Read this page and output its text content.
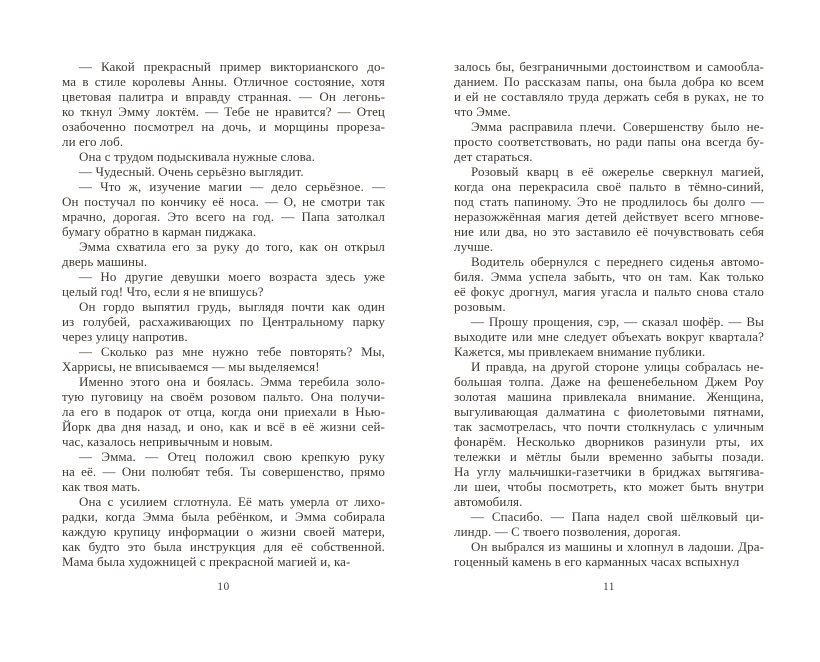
— Какой прекрасный пример викторианского до-
ма в стиле королевы Анны. Отличное состояние, хотя
цветовая палитра и вправду странная. — Он легонь-
ко ткнул Эмму локтём. — Тебе не нравится? — Отец
озабоченно посмотрел на дочь, и морщины прореза-
ли его лоб.
Она с трудом подыскивала нужные слова.
— Чудесный. Очень серьёзно выглядит.
— Что ж, изучение магии — дело серьёзное. —
Он постучал по кончику её носа. — О, не смотри так
мрачно, дорогая. Это всего на год. — Папа затолкал
бумагу обратно в карман пиджака.
Эмма схватила его за руку до того, как он открыл
дверь машины.
— Но другие девушки моего возраста здесь уже
целый год! Что, если я не впишусь?
Он гордо выпятил грудь, выглядя почти как один
из голубей, расхаживающих по Центральному парку
через улицу напротив.
— Сколько раз мне нужно тебе повторять? Мы,
Харрисы, не вписываемся — мы выделяемся!
Именно этого она и боялась. Эмма теребила золо-
тую пуговицу на своём розовом пальто. Она получи-
ла его в подарок от отца, когда они приехали в Нью-
Йорк два дня назад, и оно, как и всё в её жизни сей-
час, казалось непривычным и новым.
— Эмма. — Отец положил свою крепкую руку
на её. — Они полюбят тебя. Ты совершенство, прямо
как твоя мать.
Она с усилием сглотнула. Её мать умерла от лихо-
радки, когда Эмма была ребёнком, и Эмма собирала
каждую крупицу информации о жизни своей матери,
как будто это была инструкция для её собственной.
Мама была художницей с прекрасной магией и, ка-
10
залось бы, безграничными достоинством и самообла-
данием. По рассказам папы, она была добра ко всем
и ей не составляло труда держать себя в руках, не то
что Эмме.
Эмма расправила плечи. Совершенству было не-
просто соответствовать, но ради папы она всегда бу-
дет стараться.
Розовый кварц в её ожерелье сверкнул магией,
когда она перекрасила своё пальто в тёмно-синий,
под стать папиному. Это не продлилось бы долго —
неразожжённая магия детей действует всего мгнове-
ние или два, но это заставило её почувствовать себя
лучше.
Водитель обернулся с переднего сиденья автомо-
биля. Эмма успела забыть, что он там. Как только
её фокус дрогнул, магия угасла и пальто снова стало
розовым.
— Прошу прощения, сэр, — сказал шофёр. — Вы
выходите или мне следует объехать вокруг квартала?
Кажется, мы привлекаем внимание публики.
И правда, на другой стороне улицы собралась не-
большая толпа. Даже на фешенебельном Джем Роу
золотая машина привлекала внимание. Женщина,
выгуливающая далматина с фиолетовыми пятнами,
так засмотрелась, что почти столкнулась с уличным
фонарём. Несколько дворников разинули рты, их
тележки и мётлы были временно забыты позади.
На углу мальчишки-газетчики в бриджах вытягива-
ли шеи, чтобы посмотреть, кто может быть внутри
автомобиля.
— Спасибо. — Папа надел свой шёлковый ци-
линдр. — С твоего позволения, дорогая.
Он выбрался из машины и хлопнул в ладоши. Дра-
гоценный камень в его карманных часах вспыхнул
11
